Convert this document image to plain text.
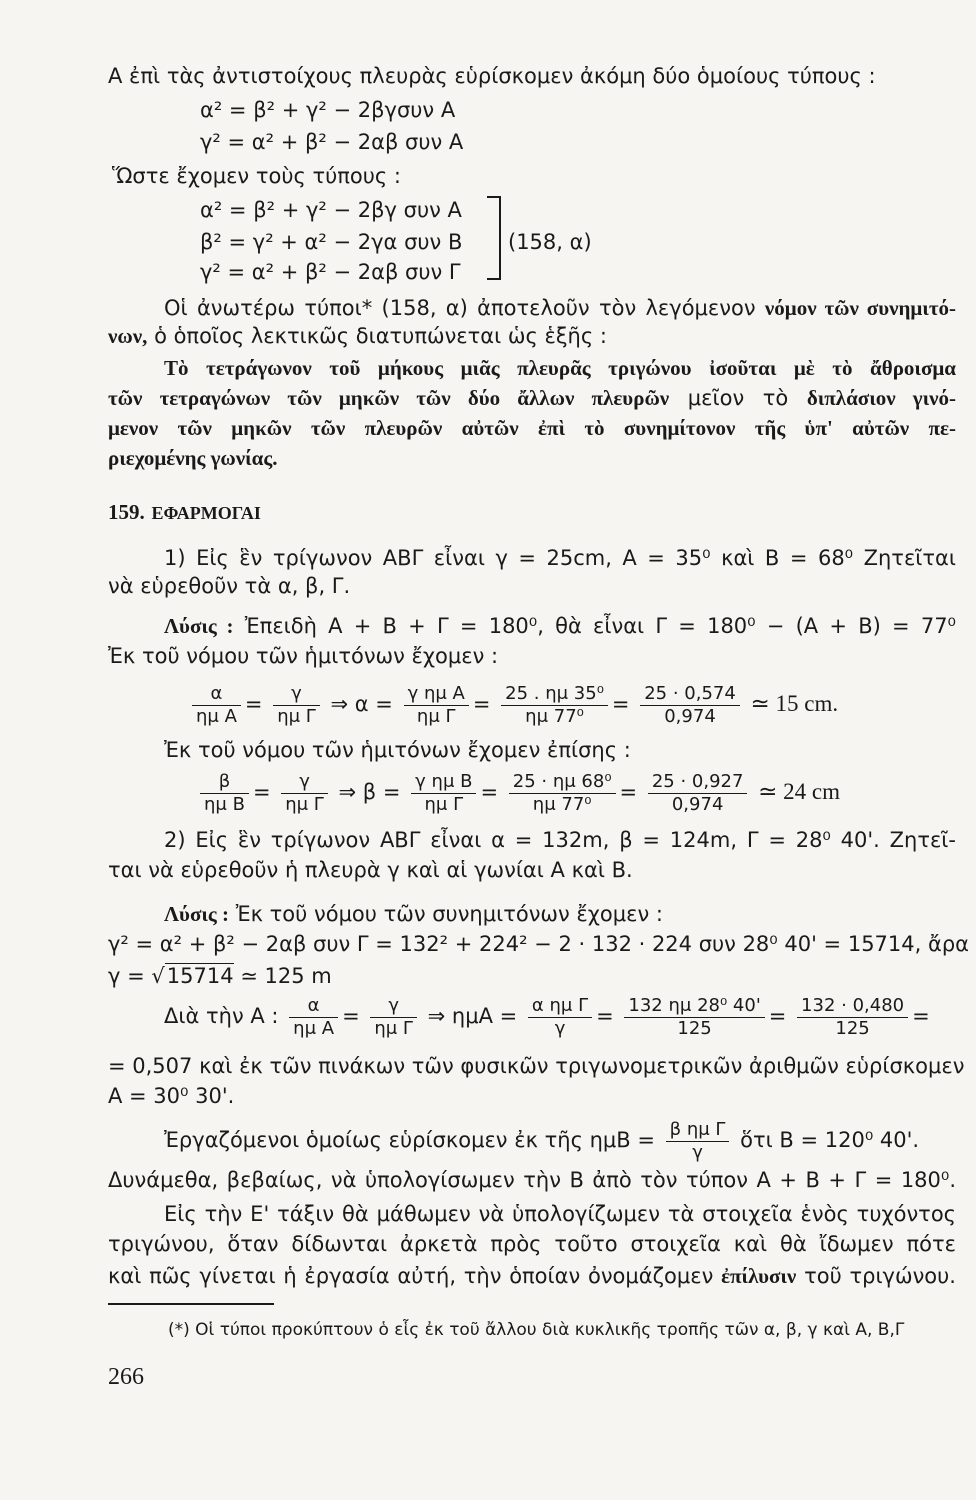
Α ἐπὶ τὰς ἀντιστοίχους πλευρὰς εὑρίσκομεν ἀκόμη δύο ὁμοίους τύπους :
α² = β² + γ² − 2βγσυν Α
γ² = α² + β² − 2αβ συν Α
Ὥστε ἔχομεν τοὺς τύπους :
α² = β² + γ² − 2βγ συν Α
β² = γ² + α² − 2γα συν Β
γ² = α² + β² − 2αβ συν Γ
(158, α)
Οἱ ἀνωτέρω τύποι* (158, α) ἀποτελοῦν τὸν λεγόμενον νόμον τῶν συνημιτό-
νων, ὁ ὁποῖος λεκτικῶς διατυπώνεται ὡς ἑξῆς :
Τὸ τετράγωνον τοῦ μήκους μιᾶς πλευρᾶς τριγώνου ἰσοῦται μὲ τὸ ἄθροισμα
τῶν τετραγώνων τῶν μηκῶν τῶν δύο ἄλλων πλευρῶν μεῖον τὸ διπλάσιον γινό-
μενον τῶν μηκῶν τῶν πλευρῶν αὐτῶν ἐπὶ τὸ συνημίτονον τῆς ὑπ' αὐτῶν πε-
ριεχομένης γωνίας.
159. ΕΦΑΡΜΟΓΑΙ
1) Εἰς ἓν τρίγωνον ΑΒΓ εἶναι γ = 25cm, Α = 35⁰ καὶ Β = 68⁰ Ζητεῖται
νὰ εὑρεθοῦν τὰ α, β, Γ.
Λύσις : Ἐπειδὴ Α + Β + Γ = 180⁰, θὰ εἶναι Γ = 180⁰ − (Α + Β) = 77⁰
Ἐκ τοῦ νόμου τῶν ἡμιτόνων ἔχομεν :
$\frac{\alpha}{\text{ημ Α}} = \frac{\gamma}{\text{ημ Γ}}$ ⇒ $\alpha = \frac{\text{γ ημ Α}}{\text{ημ Γ}} = \frac{\text{25 . ημ 35⁰}}{\text{ημ 77⁰}} = \frac{25 \cdot 0,574}{0,974}$ ≃ 15 cm.
Ἐκ τοῦ νόμου τῶν ἡμιτόνων ἔχομεν ἐπίσης :
$\frac{\beta}{\text{ημ Β}} = \frac{\gamma}{\text{ημ Γ}}$ ⇒ $\beta = \frac{\text{γ ημ Β}}{\text{ημ Γ}} = \frac{\text{25 · ημ 68⁰}}{\text{ημ 77⁰}} = \frac{25 \cdot 0,927}{0,974}$ ≃ 24 cm
2) Εἰς ἓν τρίγωνον ΑΒΓ εἶναι α = 132m, β = 124m, Γ = 28⁰ 40'. Ζητεῖ-
ται νὰ εὑρεθοῦν ἡ πλευρὰ γ καὶ αἱ γωνίαι Α καὶ Β.
Λύσις : Ἐκ τοῦ νόμου τῶν συνημιτόνων ἔχομεν :
γ² = α² + β² − 2αβ συν Γ = 132² + 224² − 2 · 132 · 224 συν 28⁰ 40' = 15714, ἄρα
γ = √15714 ≃ 125 m
Διὰ τὴν Α : $\frac{\alpha}{\text{ημ Α}} = \frac{\gamma}{\text{ημ Γ}}$ ⇒ $\eta\mu A = \frac{\text{α ημ Γ}}{\gamma} = \frac{\text{132 ημ 28⁰ 40'}}{125} = \frac{132 \cdot 0,480}{125}$ =
= 0,507 καὶ ἐκ τῶν πινάκων τῶν φυσικῶν τριγωνομετρικῶν ἀριθμῶν εὑρίσκομεν
Α = 30⁰ 30'.
Ἐργαζόμενοι ὁμοίως εὑρίσκομεν ἐκ τῆς $\eta\mu B = \frac{\text{β ημ Γ}}{\gamma}$ ὅτι Β = 120⁰ 40'.
Δυνάμεθα, βεβαίως, νὰ ὑπολογίσωμεν τὴν Β ἀπὸ τὸν τύπον Α + Β + Γ = 180⁰.
Εἰς τὴν Ε' τάξιν θὰ μάθωμεν νὰ ὑπολογίζωμεν τὰ στοιχεῖα ἑνὸς τυχόντος
τριγώνου, ὅταν δίδωνται ἀρκετὰ πρὸς τοῦτο στοιχεῖα καὶ θὰ ἴδωμεν πότε
καὶ πῶς γίνεται ἡ ἐργασία αὐτή, τὴν ὁποίαν ὀνομάζομεν ἐπίλυσιν τοῦ τριγώνου.
(*) Οἱ τύποι προκύπτουν ὁ εἷς ἐκ τοῦ ἄλλου διὰ κυκλικῆς τροπῆς τῶν α, β, γ καὶ Α, Β,Γ
266
